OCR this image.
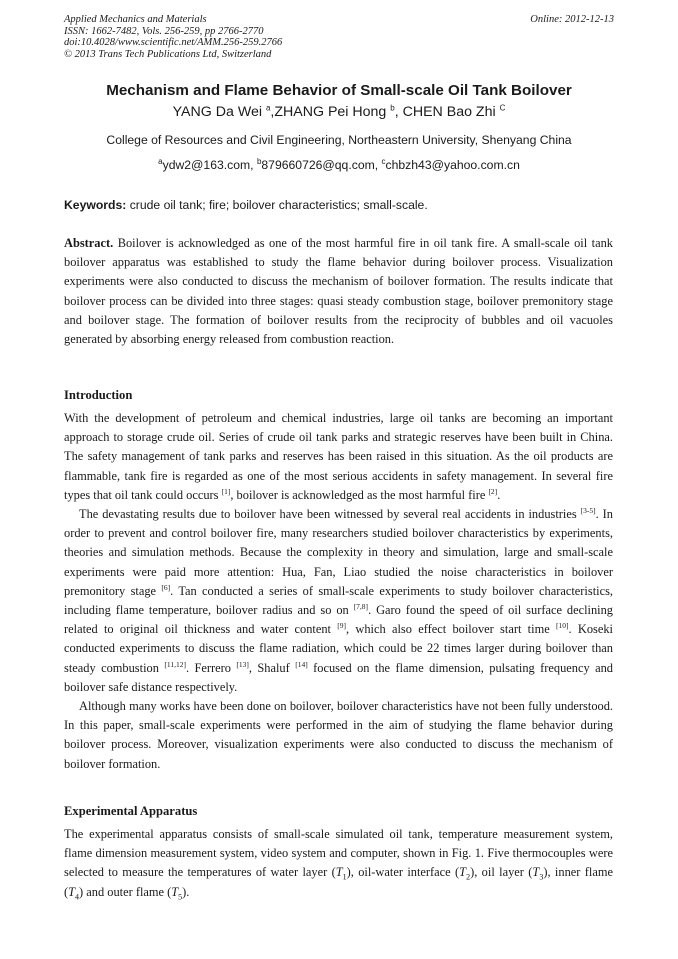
Applied Mechanics and Materials
ISSN: 1662-7482, Vols. 256-259, pp 2766-2770
doi:10.4028/www.scientific.net/AMM.256-259.2766
© 2013 Trans Tech Publications Ltd, Switzerland
Online: 2012-12-13
Mechanism and Flame Behavior of Small-scale Oil Tank Boilover
YANG Da Wei $^a$,ZHANG Pei Hong $^b$, CHEN Bao Zhi $^C$
College of Resources and Civil Engineering, Northeastern University, Shenyang China
$^a$ydw2@163.com, $^b$879660726@qq.com, $^c$chbzh43@yahoo.com.cn
Keywords: crude oil tank; fire; boilover characteristics; small-scale.

Abstract. Boilover is acknowledged as one of the most harmful fire in oil tank fire. A small-scale oil tank boilover apparatus was established to study the flame behavior during boilover process. Visualization experiments were also conducted to discuss the mechanism of boilover formation. The results indicate that boilover process can be divided into three stages: quasi steady combustion stage, boilover premonitory stage and boilover stage. The formation of boilover results from the reciprocity of bubbles and oil vacuoles generated by absorbing energy released from combustion reaction.

Introduction

With the development of petroleum and chemical industries, large oil tanks are becoming an important approach to storage crude oil. Series of crude oil tank parks and strategic reserves have been built in China. The safety management of tank parks and reserves has been raised in this situation. As the oil products are flammable, tank fire is regarded as one of the most serious accidents in safety management. In several fire types that oil tank could occurs [1], boilover is acknowledged as the most harmful fire [2].

The devastating results due to boilover have been witnessed by several real accidents in industries [3-5]. In order to prevent and control boilover fire, many researchers studied boilover characteristics by experiments, theories and simulation methods. Because the complexity in theory and simulation, large and small-scale experiments were paid more attention: Hua, Fan, Liao studied the noise characteristics in boilover premonitory stage [6]. Tan conducted a series of small-scale experiments to study boilover characteristics, including flame temperature, boilover radius and so on [7,8]. Garo found the speed of oil surface declining related to original oil thickness and water content [9], which also effect boilover start time [10]. Koseki conducted experiments to discuss the flame radiation, which could be 22 times larger during boilover than steady combustion [11,12]. Ferrero [13], Shaluf [14] focused on the flame dimension, pulsating frequency and boilover safe distance respectively.

Although many works have been done on boilover, boilover characteristics have not been fully understood. In this paper, small-scale experiments were performed in the aim of studying the flame behavior during boilover process. Moreover, visualization experiments were also conducted to discuss the mechanism of boilover formation.

Experimental Apparatus

The experimental apparatus consists of small-scale simulated oil tank, temperature measurement system, flame dimension measurement system, video system and computer, shown in Fig. 1. Five thermocouples were selected to measure the temperatures of water layer $(T_1)$, oil-water interface $(T_2)$, oil layer $(T_3)$, inner flame $(T_4)$ and outer flame $(T_5)$.
